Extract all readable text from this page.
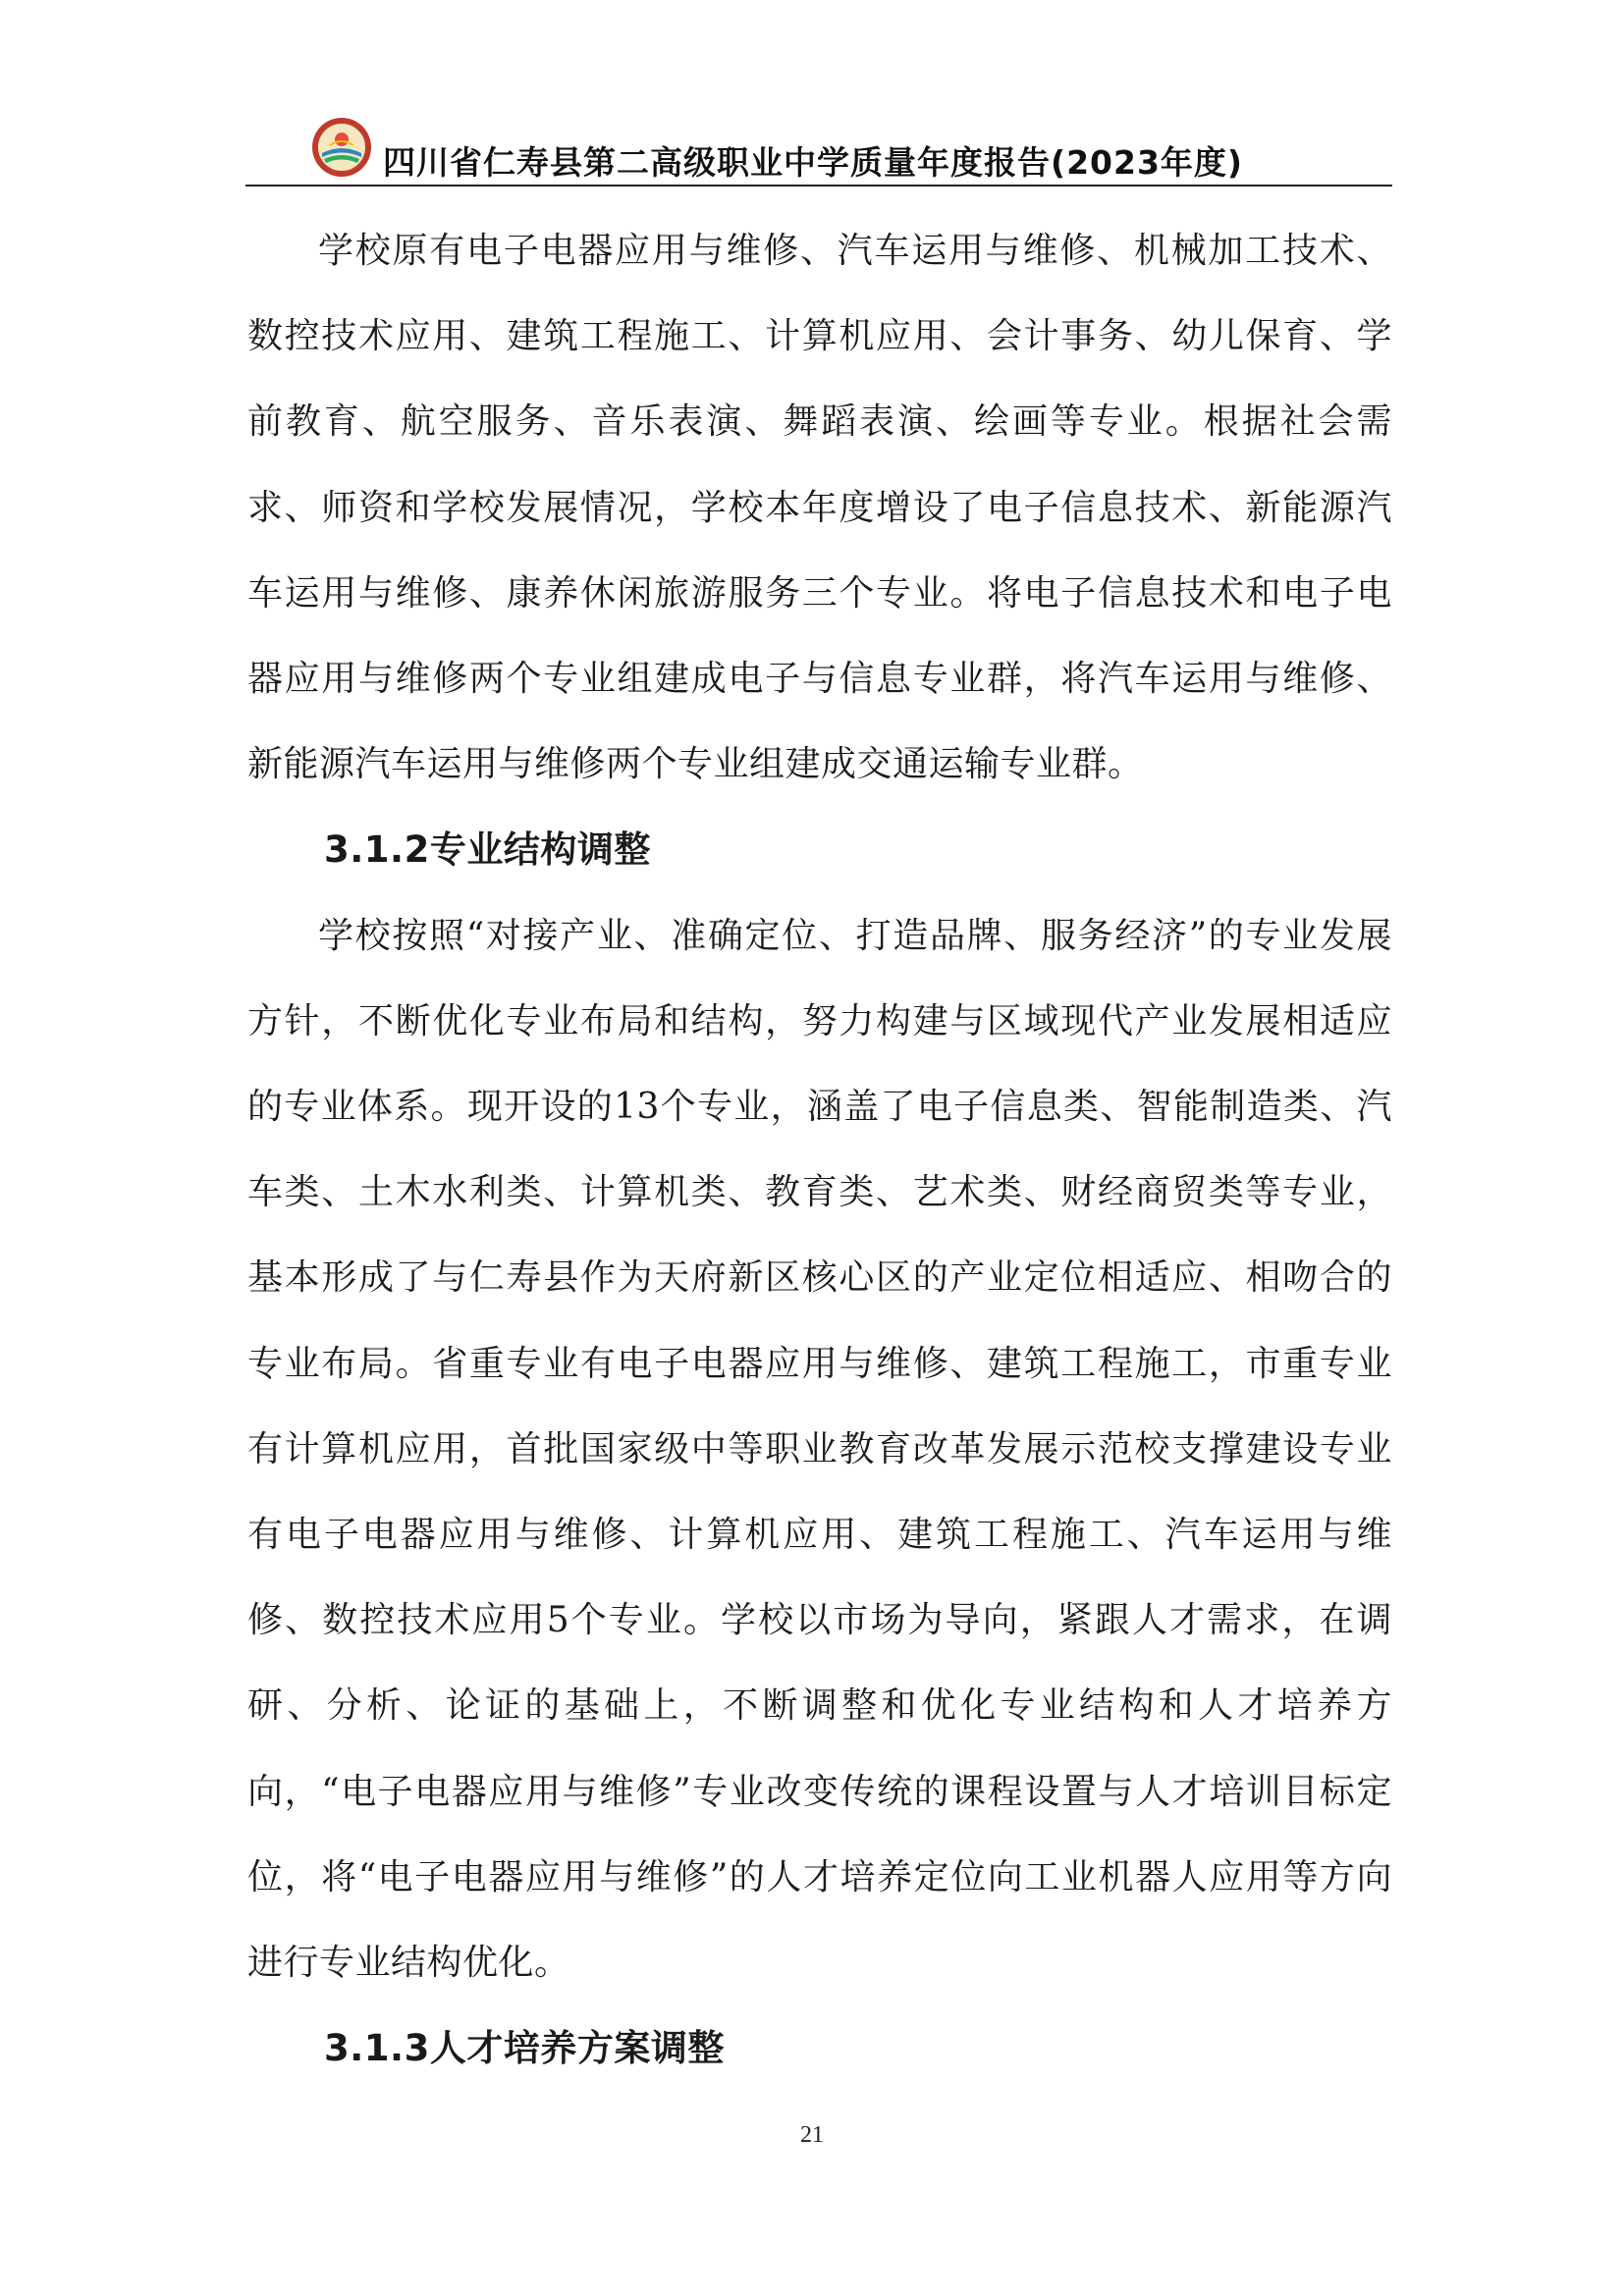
四川省仁寿县第二高级职业中学质量年度报告(2023年度)

学校原有电子电器应用与维修、汽车运用与维修、机械加工技术、数控技术应用、建筑工程施工、计算机应用、会计事务、幼儿保育、学前教育、航空服务、音乐表演、舞蹈表演、绘画等专业。根据社会需求、师资和学校发展情况，学校本年度增设了电子信息技术、新能源汽车运用与维修、康养休闲旅游服务三个专业。将电子信息技术和电子电器应用与维修两个专业组建成电子与信息专业群，将汽车运用与维修、新能源汽车运用与维修两个专业组建成交通运输专业群。

3.1.2专业结构调整

学校按照“对接产业、准确定位、打造品牌、服务经济”的专业发展方针，不断优化专业布局和结构，努力构建与区域现代产业发展相适应的专业体系。现开设的13个专业，涵盖了电子信息类、智能制造类、汽车类、土木水利类、计算机类、教育类、艺术类、财经商贸类等专业，基本形成了与仁寿县作为天府新区核心区的产业定位相适应、相吻合的专业布局。省重专业有电子电器应用与维修、建筑工程施工，市重专业有计算机应用，首批国家级中等职业教育改革发展示范校支撑建设专业有电子电器应用与维修、计算机应用、建筑工程施工、汽车运用与维修、数控技术应用5个专业。学校以市场为导向，紧跟人才需求，在调研、分析、论证的基础上，不断调整和优化专业结构和人才培养方向，“电子电器应用与维修”专业改变传统的课程设置与人才培训目标定位，将“电子电器应用与维修”的人才培养定位向工业机器人应用等方向进行专业结构优化。

3.1.3人才培养方案调整
21
